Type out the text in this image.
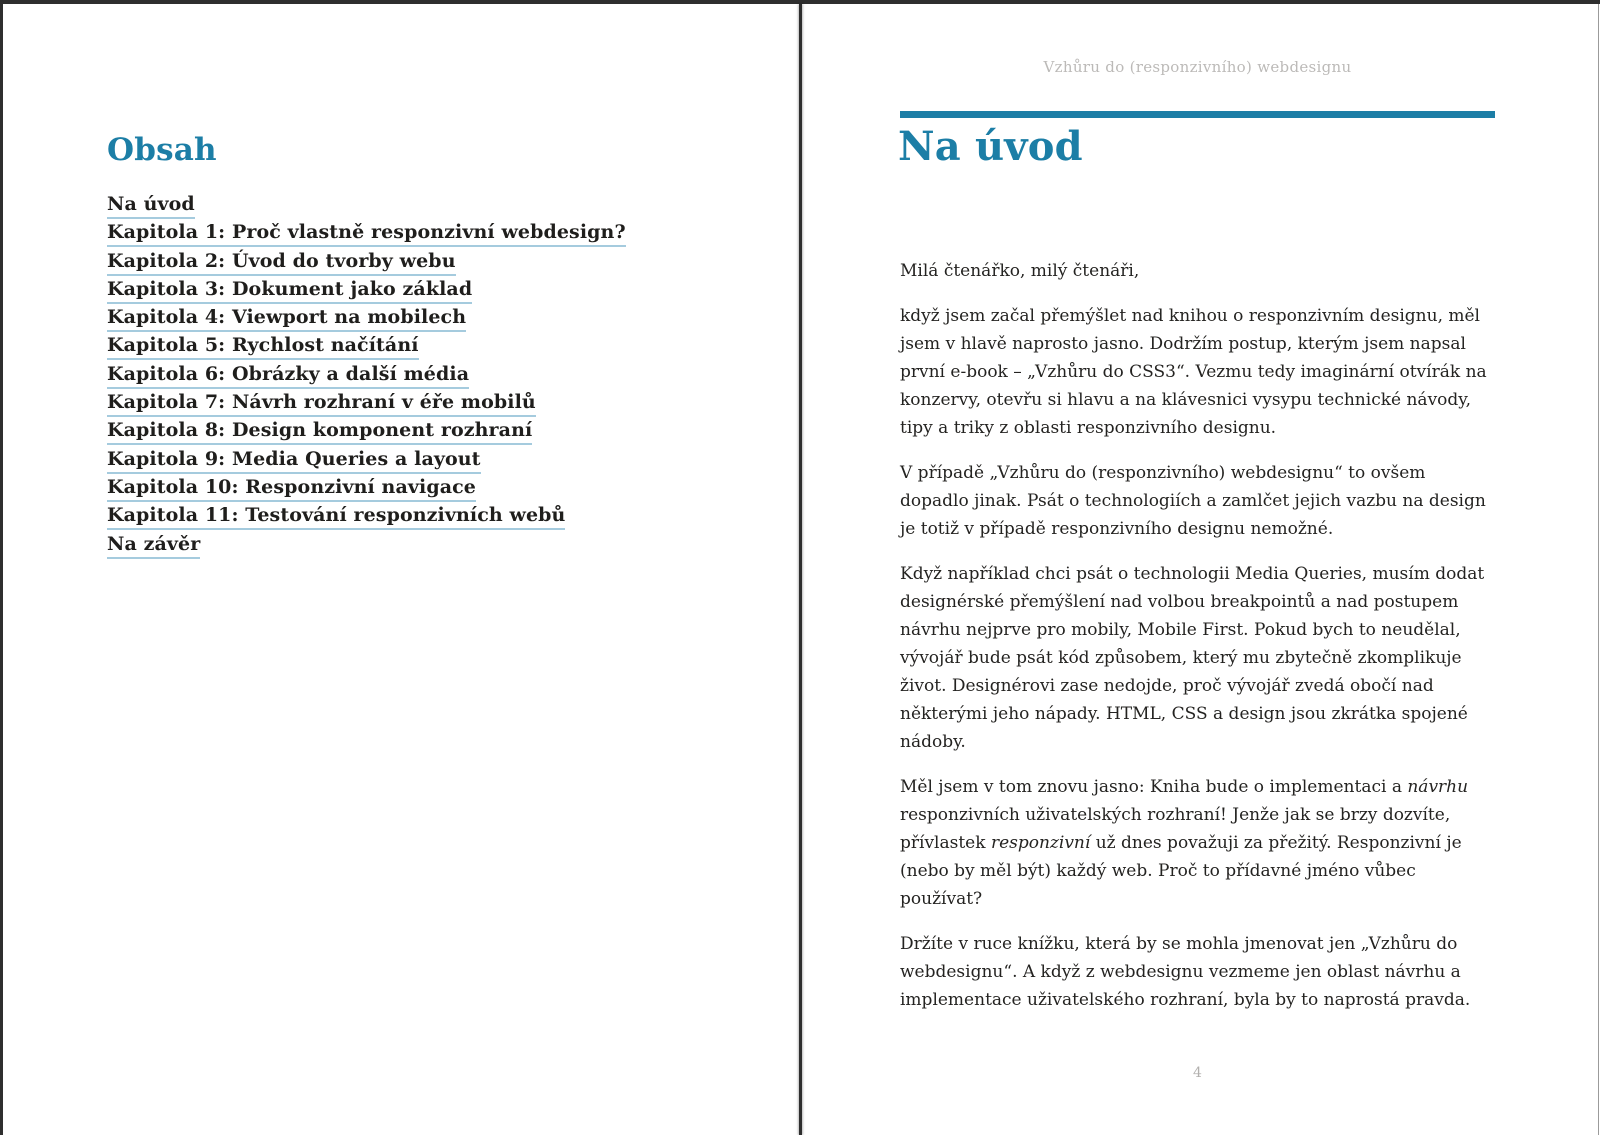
Obsah
Na úvod
Kapitola 1: Proč vlastně responzivní webdesign?
Kapitola 2: Úvod do tvorby webu
Kapitola 3: Dokument jako základ
Kapitola 4: Viewport na mobilech
Kapitola 5: Rychlost načítání
Kapitola 6: Obrázky a další média
Kapitola 7: Návrh rozhraní v éře mobilů
Kapitola 8: Design komponent rozhraní
Kapitola 9: Media Queries a layout
Kapitola 10: Responzivní navigace
Kapitola 11: Testování responzivních webů
Na závěr
Vzhůru do (responzivního) webdesignu
Na úvod

Milá čtenářko, milý čtenáři,

když jsem začal přemýšlet nad knihou o responzivním designu, měl jsem v hlavě naprosto jasno. Dodržím postup, kterým jsem napsal první e-book – „Vzhůru do CSS3“. Vezmu tedy imaginární otvírák na konzervy, otevřu si hlavu a na klávesnici vysypu technické návody, tipy a triky z oblasti responzivního designu.

V případě „Vzhůru do (responzivního) webdesignu“ to ovšem dopadlo jinak. Psát o technologiích a zamlčet jejich vazbu na design je totiž v případě responzivního designu nemožné.

Když například chci psát o technologii Media Queries, musím dodat designérské přemýšlení nad volbou breakpointů a nad postupem návrhu nejprve pro mobily, Mobile First. Pokud bych to neudělal, vývojář bude psát kód způsobem, který mu zbytečně zkomplikuje život. Designérovi zase nedojde, proč vývojář zvedá obočí nad některými jeho nápady. HTML, CSS a design jsou zkrátka spojené nádoby.

Měl jsem v tom znovu jasno: Kniha bude o implementaci a návrhu responzivních uživatelských rozhraní! Jenže jak se brzy dozvíte, přívlastek responzivní už dnes považuji za přežitý. Responzivní je (nebo by měl být) každý web. Proč to přídavné jméno vůbec používat?

Držíte v ruce knížku, která by se mohla jmenovat jen „Vzhůru do webdesignu“. A když z webdesignu vezmeme jen oblast návrhu a implementace uživatelského rozhraní, byla by to naprostá pravda.

4
